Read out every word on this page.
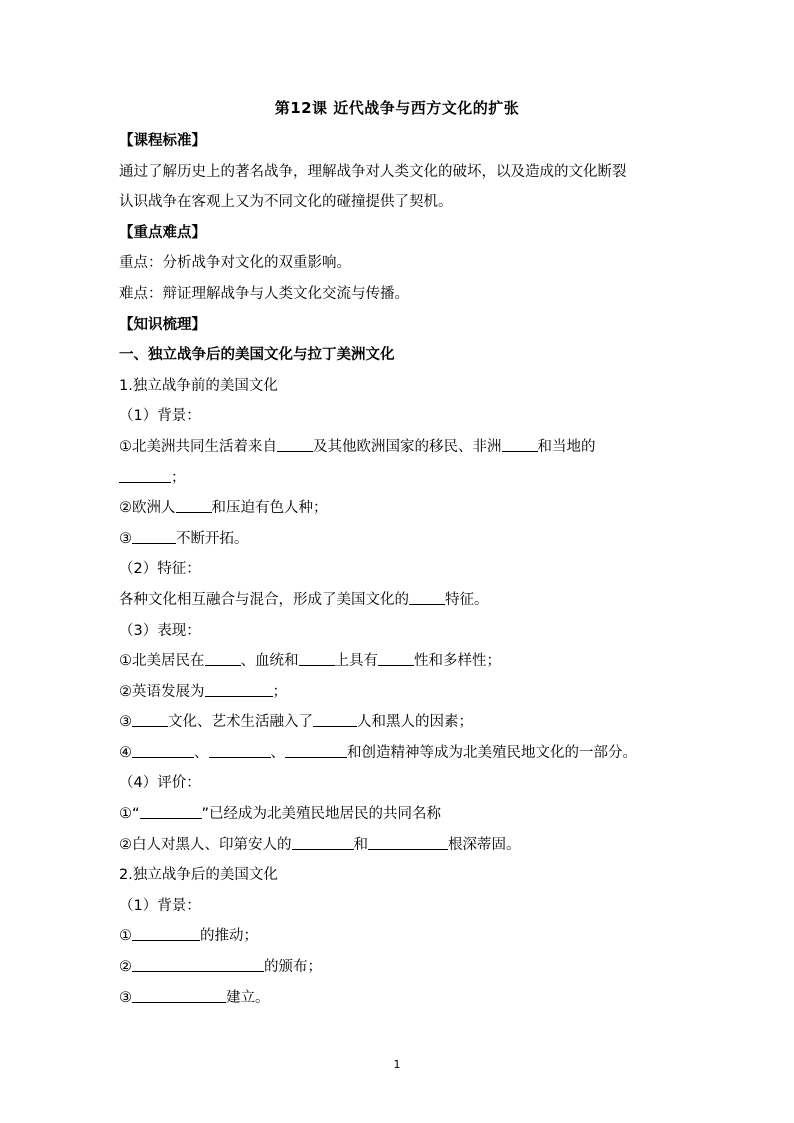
第12课 近代战争与西方文化的扩张
【课程标准】
通过了解历史上的著名战争，理解战争对人类文化的破坏，以及造成的文化断裂
认识战争在客观上又为不同文化的碰撞提供了契机。
【重点难点】
重点：分析战争对文化的双重影响。
难点：辩证理解战争与人类文化交流与传播。
【知识梳理】
一、独立战争后的美国文化与拉丁美洲文化
1.独立战争前的美国文化
（1）背景：
①北美洲共同生活着来自 及其他欧洲国家的移民、非洲 和当地的
；
②欧洲人 和压迫有色人种；
③	不断开拓。
（2）特征：
各种文化相互融合与混合，形成了美国文化的 特征。
（3）表现：
①北美居民在 、血统和 上具有 性和多样性；
②英语发展为	；
③ 文化、艺术生活融入了	人和黑人的因素；
④	、	、	和创造精神等成为北美殖民地文化的一部分。
（4）评价：
①“	”已经成为北美殖民地居民的共同名称
②白人对黑人、印第安人的	和	根深蒂固。
2.独立战争后的美国文化
（1）背景：
①	的推动；
②	的颁布；
③	建立。
1
